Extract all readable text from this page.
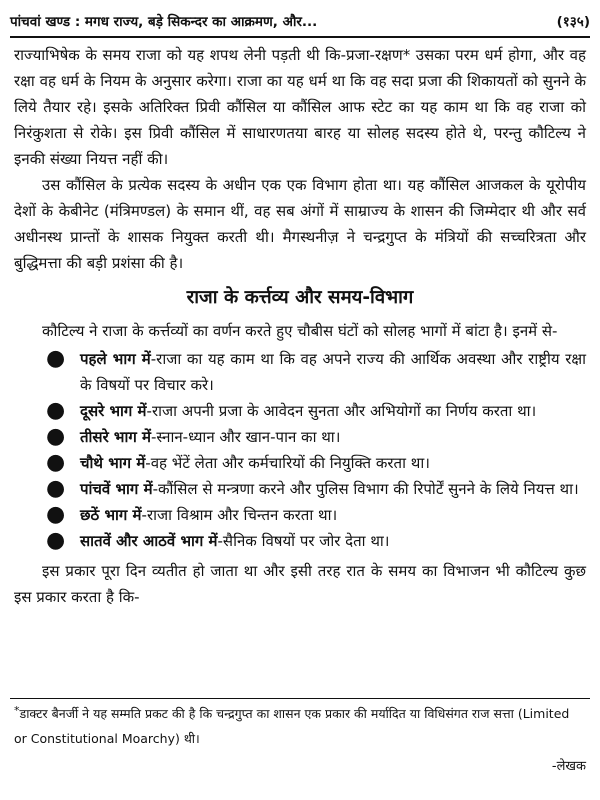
पांचवां खण्ड : मगध राज्य, बड़े सिकन्दर का आक्रमण, और...	(१३५)

राज्याभिषेक के समय राजा को यह शपथ लेनी पड़ती थी कि-प्रजा-रक्षण* उसका परम धर्म होगा, और वह रक्षा वह धर्म के नियम के अनुसार करेगा। राजा का यह धर्म था कि वह सदा प्रजा की शिकायतों को सुनने के लिये तैयार रहे। इसके अतिरिक्त प्रिवी कौंसिल या कौंसिल आफ स्टेट का यह काम था कि वह राजा को निरंकुशता से रोके। इस प्रिवी कौंसिल में साधारणतया बारह या सोलह सदस्य होते थे, परन्तु कौटिल्य ने इनकी संख्या नियत्त नहीं की।

उस कौंसिल के प्रत्येक सदस्य के अधीन एक एक विभाग होता था। यह कौंसिल आजकल के यूरोपीय देशों के केबीनेट (मंत्रिमण्डल) के समान थीं, वह सब अंगों में साम्राज्य के शासन की जिम्मेदार थी और सर्व अधीनस्थ प्रान्तों के शासक नियुक्त करती थी। मैगस्थनीज़ ने चन्द्रगुप्त के मंत्रियों की सच्चरित्रता और बुद्धिमत्ता की बड़ी प्रशंसा की है।

राजा के कर्त्तव्य और समय-विभाग

कौटिल्य ने राजा के कर्त्तव्यों का वर्णन करते हुए चौबीस घंटों को सोलह भागों में बांटा है। इनमें से-

● पहले भाग में-राजा का यह काम था कि वह अपने राज्य की आर्थिक अवस्था और राष्ट्रीय रक्षा के विषयों पर विचार करे।
● दूसरे भाग में-राजा अपनी प्रजा के आवेदन सुनता और अभियोगों का निर्णय करता था।
● तीसरे भाग में-स्नान-ध्यान और खान-पान का था।
● चौथे भाग में-वह भेंटें लेता और कर्मचारियों की नियुक्ति करता था।
● पांचवें भाग में-कौंसिल से मन्त्रणा करने और पुलिस विभाग की रिपोर्टें सुनने के लिये नियत्त था।
● छठें भाग में-राजा विश्राम और चिन्तन करता था।
● सातवें और आठवें भाग में-सैनिक विषयों पर जोर देता था।

इस प्रकार पूरा दिन व्यतीत हो जाता था और इसी तरह रात के समय का विभाजन भी कौटिल्य कुछ इस प्रकार करता है कि-

*डाक्टर बैनर्जी ने यह सम्मति प्रकट की है कि चन्द्रगुप्त का शासन एक प्रकार की मर्यादित या विधिसंगत राज सत्ता (Limited or Constitutional Moarchy) थी।
-लेखक
